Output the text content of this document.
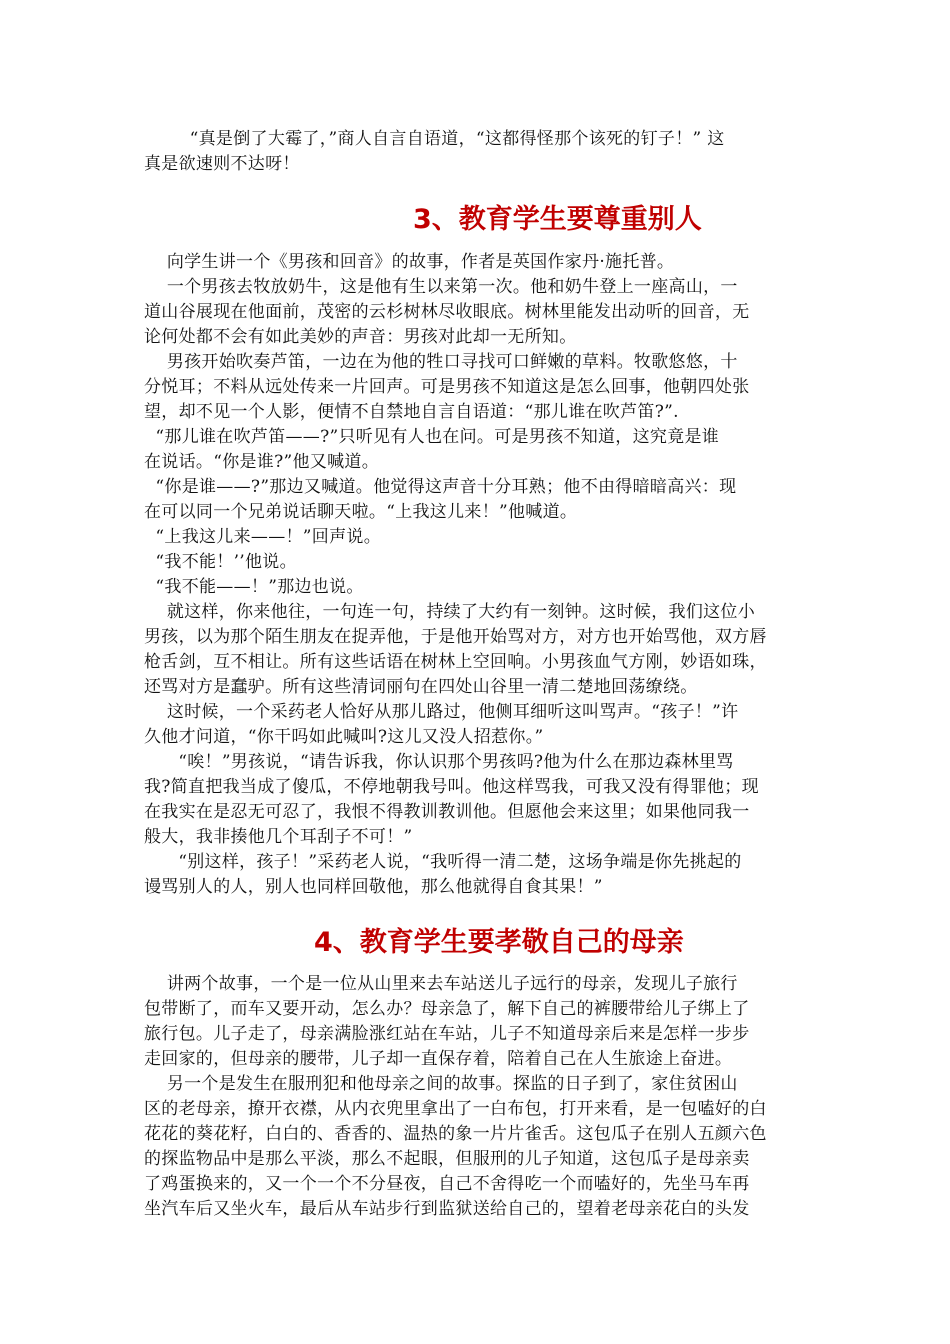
“真是倒了大霉了，”商人自言自语道，“这都得怪那个该死的钉子！” 这
真是欲速则不达呀！
3、教育学生要尊重别人
向学生讲一个《男孩和回音》的故事，作者是英国作家丹·施托普。
一个男孩去牧放奶牛，这是他有生以来第一次。他和奶牛登上一座高山，一
道山谷展现在他面前，茂密的云杉树林尽收眼底。树林里能发出动听的回音，无
论何处都不会有如此美妙的声音：男孩对此却一无所知。
男孩开始吹奏芦笛，一边在为他的牲口寻找可口鲜嫩的草料。牧歌悠悠，十
分悦耳；不料从远处传来一片回声。可是男孩不知道这是怎么回事，他朝四处张
望，却不见一个人影，便情不自禁地自言自语道：“那儿谁在吹芦笛?”.
“那儿谁在吹芦笛——?”只听见有人也在问。可是男孩不知道，这究竟是谁
在说话。“你是谁?”他又喊道。
“你是谁——?”那边又喊道。他觉得这声音十分耳熟；他不由得暗暗高兴：现
在可以同一个兄弟说话聊天啦。“上我这儿来！”他喊道。
“上我这儿来——！”回声说。
“我不能！’’他说。
“我不能——！”那边也说。
就这样，你来他往，一句连一句，持续了大约有一刻钟。这时候，我们这位小
男孩，以为那个陌生朋友在捉弄他，于是他开始骂对方，对方也开始骂他，双方唇
枪舌剑，互不相让。所有这些话语在树林上空回响。小男孩血气方刚，妙语如珠，
还骂对方是蠢驴。所有这些清词丽句在四处山谷里一清二楚地回荡缭绕。
这时候，一个采药老人恰好从那儿路过，他侧耳细听这叫骂声。“孩子！”许
久他才问道，“你干吗如此喊叫?这儿又没人招惹你。”
“唉！”男孩说，“请告诉我，你认识那个男孩吗?他为什么在那边森林里骂
我?简直把我当成了傻瓜，不停地朝我号叫。他这样骂我，可我又没有得罪他；现
在我实在是忍无可忍了，我恨不得教训教训他。但愿他会来这里；如果他同我一
般大，我非揍他几个耳刮子不可！”
“别这样，孩子！”采药老人说，“我听得一清二楚，这场争端是你先挑起的
谩骂别人的人，别人也同样回敬他，那么他就得自食其果！”
4、教育学生要孝敬自己的母亲
讲两个故事，一个是一位从山里来去车站送儿子远行的母亲，发现儿子旅行
包带断了，而车又要开动，怎么办？母亲急了，解下自己的裤腰带给儿子绑上了
旅行包。儿子走了，母亲满脸涨红站在车站，儿子不知道母亲后来是怎样一步步
走回家的，但母亲的腰带，儿子却一直保存着，陪着自己在人生旅途上奋进。
另一个是发生在服刑犯和他母亲之间的故事。探监的日子到了，家住贫困山
区的老母亲，撩开衣襟，从内衣兜里拿出了一白布包，打开来看，是一包嗑好的白
花花的葵花籽，白白的、香香的、温热的象一片片雀舌。这包瓜子在别人五颜六色
的探监物品中是那么平淡，那么不起眼，但服刑的儿子知道，这包瓜子是母亲卖
了鸡蛋换来的，又一个一个不分昼夜，自己不舍得吃一个而嗑好的，先坐马车再
坐汽车后又坐火车，最后从车站步行到监狱送给自己的，望着老母亲花白的头发
